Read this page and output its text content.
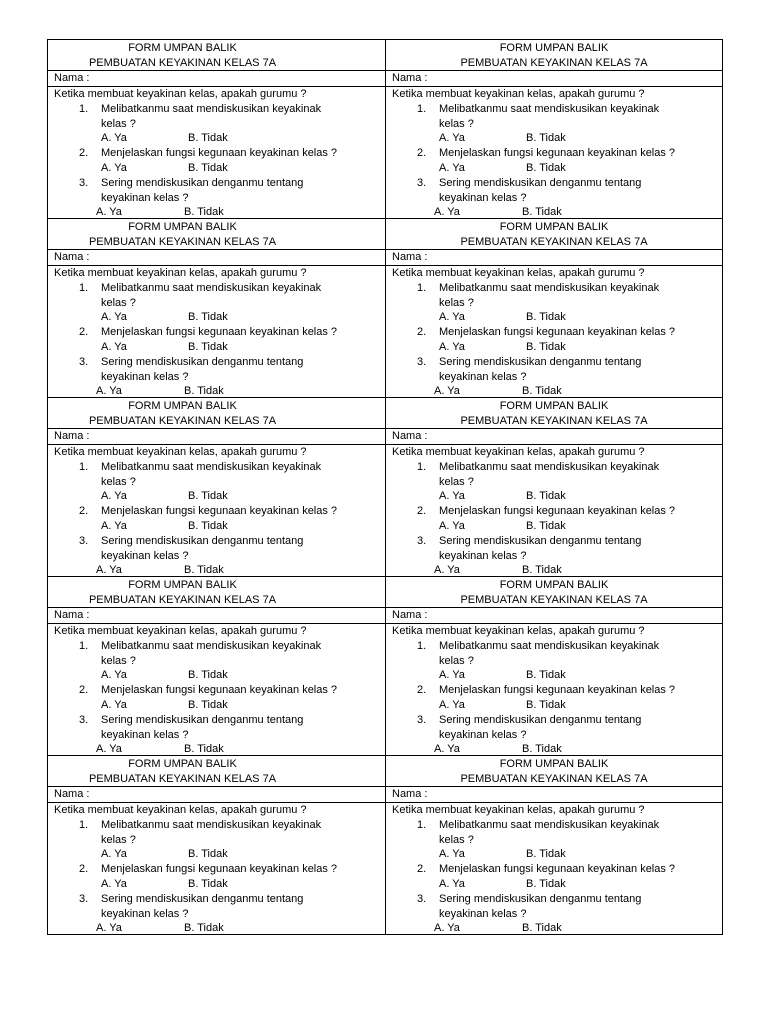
FORM UMPAN BALIK
PEMBUATAN KEYAKINAN KELAS 7A
Nama :
Ketika membuat keyakinan kelas, apakah gurumu ?
1. Melibatkanmu saat mendiskusikan keyakinak
kelas ?
A. Ya	B. Tidak
2. Menjelaskan fungsi kegunaan keyakinan kelas ?
A. Ya	B. Tidak
3. Sering mendiskusikan denganmu tentang
keyakinan kelas ?
A. Ya	B. Tidak
FORM UMPAN BALIK
PEMBUATAN KEYAKINAN KELAS 7A
Nama :
Ketika membuat keyakinan kelas, apakah gurumu ?
1. Melibatkanmu saat mendiskusikan keyakinak
kelas ?
A. Ya	B. Tidak
2. Menjelaskan fungsi kegunaan keyakinan kelas ?
A. Ya	B. Tidak
3. Sering mendiskusikan denganmu tentang
keyakinan kelas ?
A. Ya	B. Tidak
FORM UMPAN BALIK
PEMBUATAN KEYAKINAN KELAS 7A
Nama :
Ketika membuat keyakinan kelas, apakah gurumu ?
1. Melibatkanmu saat mendiskusikan keyakinak
kelas ?
A. Ya	B. Tidak
2. Menjelaskan fungsi kegunaan keyakinan kelas ?
A. Ya	B. Tidak
3. Sering mendiskusikan denganmu tentang
keyakinan kelas ?
A. Ya	B. Tidak
FORM UMPAN BALIK
PEMBUATAN KEYAKINAN KELAS 7A
Nama :
Ketika membuat keyakinan kelas, apakah gurumu ?
1. Melibatkanmu saat mendiskusikan keyakinak
kelas ?
A. Ya	B. Tidak
2. Menjelaskan fungsi kegunaan keyakinan kelas ?
A. Ya	B. Tidak
3. Sering mendiskusikan denganmu tentang
keyakinan kelas ?
A. Ya	B. Tidak
FORM UMPAN BALIK
PEMBUATAN KEYAKINAN KELAS 7A
Nama :
Ketika membuat keyakinan kelas, apakah gurumu ?
1. Melibatkanmu saat mendiskusikan keyakinak
kelas ?
A. Ya	B. Tidak
2. Menjelaskan fungsi kegunaan keyakinan kelas ?
A. Ya	B. Tidak
3. Sering mendiskusikan denganmu tentang
keyakinan kelas ?
A. Ya	B. Tidak
FORM UMPAN BALIK
PEMBUATAN KEYAKINAN KELAS 7A
Nama :
Ketika membuat keyakinan kelas, apakah gurumu ?
1. Melibatkanmu saat mendiskusikan keyakinak
kelas ?
A. Ya	B. Tidak
2. Menjelaskan fungsi kegunaan keyakinan kelas ?
A. Ya	B. Tidak
3. Sering mendiskusikan denganmu tentang
keyakinan kelas ?
A. Ya	B. Tidak
FORM UMPAN BALIK
PEMBUATAN KEYAKINAN KELAS 7A
Nama :
Ketika membuat keyakinan kelas, apakah gurumu ?
1. Melibatkanmu saat mendiskusikan keyakinak
kelas ?
A. Ya	B. Tidak
2. Menjelaskan fungsi kegunaan keyakinan kelas ?
A. Ya	B. Tidak
3. Sering mendiskusikan denganmu tentang
keyakinan kelas ?
A. Ya	B. Tidak
FORM UMPAN BALIK
PEMBUATAN KEYAKINAN KELAS 7A
Nama :
Ketika membuat keyakinan kelas, apakah gurumu ?
1. Melibatkanmu saat mendiskusikan keyakinak
kelas ?
A. Ya	B. Tidak
2. Menjelaskan fungsi kegunaan keyakinan kelas ?
A. Ya	B. Tidak
3. Sering mendiskusikan denganmu tentang
keyakinan kelas ?
A. Ya	B. Tidak
FORM UMPAN BALIK
PEMBUATAN KEYAKINAN KELAS 7A
Nama :
Ketika membuat keyakinan kelas, apakah gurumu ?
1. Melibatkanmu saat mendiskusikan keyakinak
kelas ?
A. Ya	B. Tidak
2. Menjelaskan fungsi kegunaan keyakinan kelas ?
A. Ya	B. Tidak
3. Sering mendiskusikan denganmu tentang
keyakinan kelas ?
A. Ya	B. Tidak
FORM UMPAN BALIK
PEMBUATAN KEYAKINAN KELAS 7A
Nama :
Ketika membuat keyakinan kelas, apakah gurumu ?
1. Melibatkanmu saat mendiskusikan keyakinak
kelas ?
A. Ya	B. Tidak
2. Menjelaskan fungsi kegunaan keyakinan kelas ?
A. Ya	B. Tidak
3. Sering mendiskusikan denganmu tentang
keyakinan kelas ?
A. Ya	B. Tidak
